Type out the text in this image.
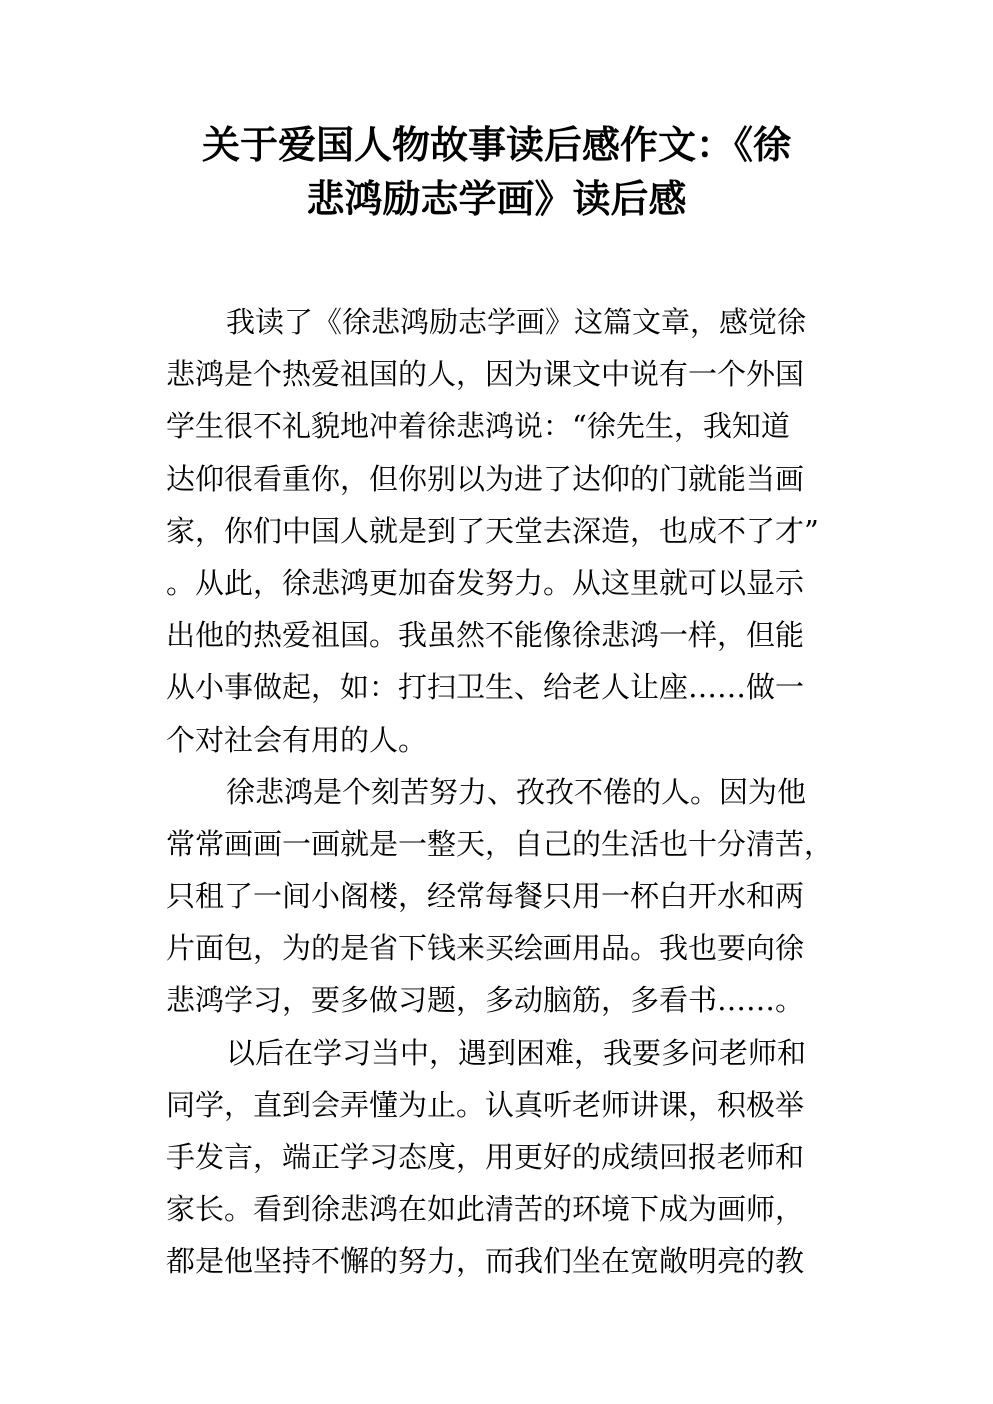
关于爱国人物故事读后感作文：《徐
悲鸿励志学画》读后感
我读了《徐悲鸿励志学画》这篇文章，感觉徐
悲鸿是个热爱祖国的人，因为课文中说有一个外国
学生很不礼貌地冲着徐悲鸿说：“徐先生，我知道
达仰很看重你，但你别以为进了达仰的门就能当画
家，你们中国人就是到了天堂去深造，也成不了才”
。从此，徐悲鸿更加奋发努力。从这里就可以显示
出他的热爱祖国。我虽然不能像徐悲鸿一样，但能
从小事做起，如：打扫卫生、给老人让座……做一
个对社会有用的人。
徐悲鸿是个刻苦努力、孜孜不倦的人。因为他
常常画画一画就是一整天，自己的生活也十分清苦，
只租了一间小阁楼，经常每餐只用一杯白开水和两
片面包，为的是省下钱来买绘画用品。我也要向徐
悲鸿学习，要多做习题，多动脑筋，多看书……。
以后在学习当中，遇到困难，我要多问老师和
同学，直到会弄懂为止。认真听老师讲课，积极举
手发言，端正学习态度，用更好的成绩回报老师和
家长。看到徐悲鸿在如此清苦的环境下成为画师，
都是他坚持不懈的努力，而我们坐在宽敞明亮的教
